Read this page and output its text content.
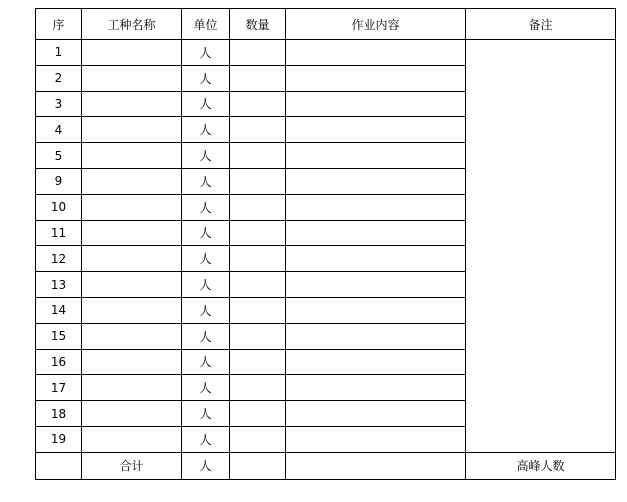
序	工种名称	单位	数量	作业内容	备注
1		人			
2		人			
3		人			
4		人			
5		人			
9		人			
10		人			
11		人			
12		人			
13		人			
14		人			
15		人			
16		人			
17		人			
18		人			
19		人			
	合计	人			高峰人数
